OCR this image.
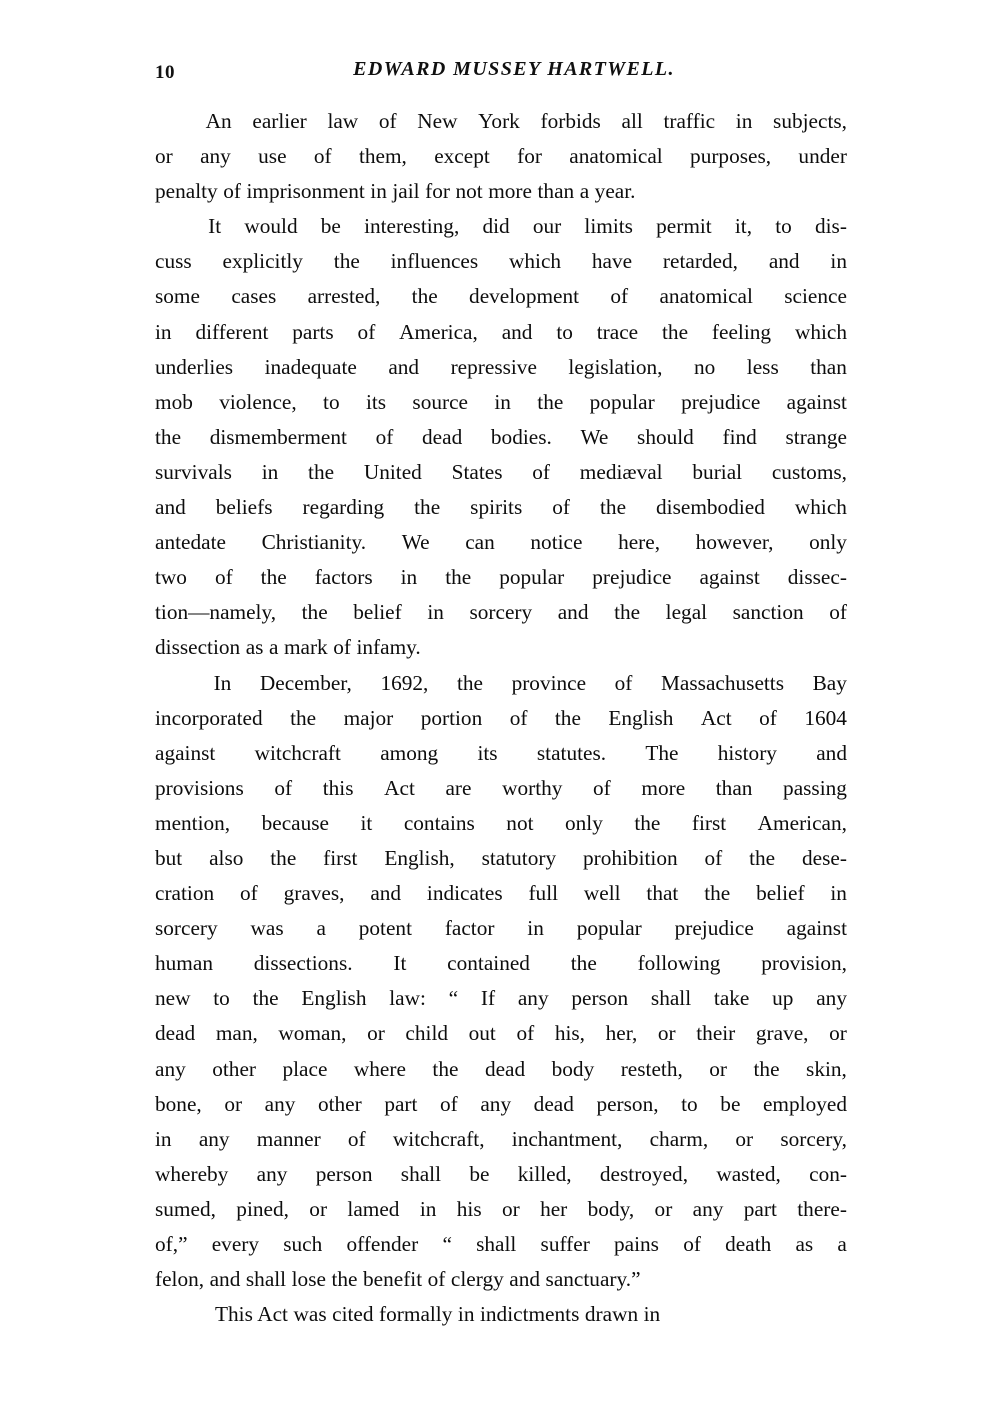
10	EDWARD MUSSEY HARTWELL.
An earlier law of New York forbids all traffic in subjects,
or any use of them, except for anatomical purposes, under
penalty of imprisonment in jail for not more than a year.
It would be interesting, did our limits permit it, to dis-
cuss explicitly the influences which have retarded, and in
some cases arrested, the development of anatomical science
in different parts of America, and to trace the feeling which
underlies inadequate and repressive legislation, no less than
mob violence, to its source in the popular prejudice against
the dismemberment of dead bodies. We should find strange
survivals in the United States of mediæval burial customs,
and beliefs regarding the spirits of the disembodied which
antedate Christianity. We can notice here, however, only
two of the factors in the popular prejudice against dissec-
tion—namely, the belief in sorcery and the legal sanction of
dissection as a mark of infamy.
In December, 1692, the province of Massachusetts Bay
incorporated the major portion of the English Act of 1604
against witchcraft among its statutes. The history and
provisions of this Act are worthy of more than passing
mention, because it contains not only the first American,
but also the first English, statutory prohibition of the dese-
cration of graves, and indicates full well that the belief in
sorcery was a potent factor in popular prejudice against
human dissections. It contained the following provision,
new to the English law: “ If any person shall take up any
dead man, woman, or child out of his, her, or their grave, or
any other place where the dead body resteth, or the skin,
bone, or any other part of any dead person, to be employed
in any manner of witchcraft, inchantment, charm, or sorcery,
whereby any person shall be killed, destroyed, wasted, con-
sumed, pined, or lamed in his or her body, or any part there-
of,” every such offender “ shall suffer pains of death as a
felon, and shall lose the benefit of clergy and sanctuary.”
This Act was cited formally in indictments drawn in
